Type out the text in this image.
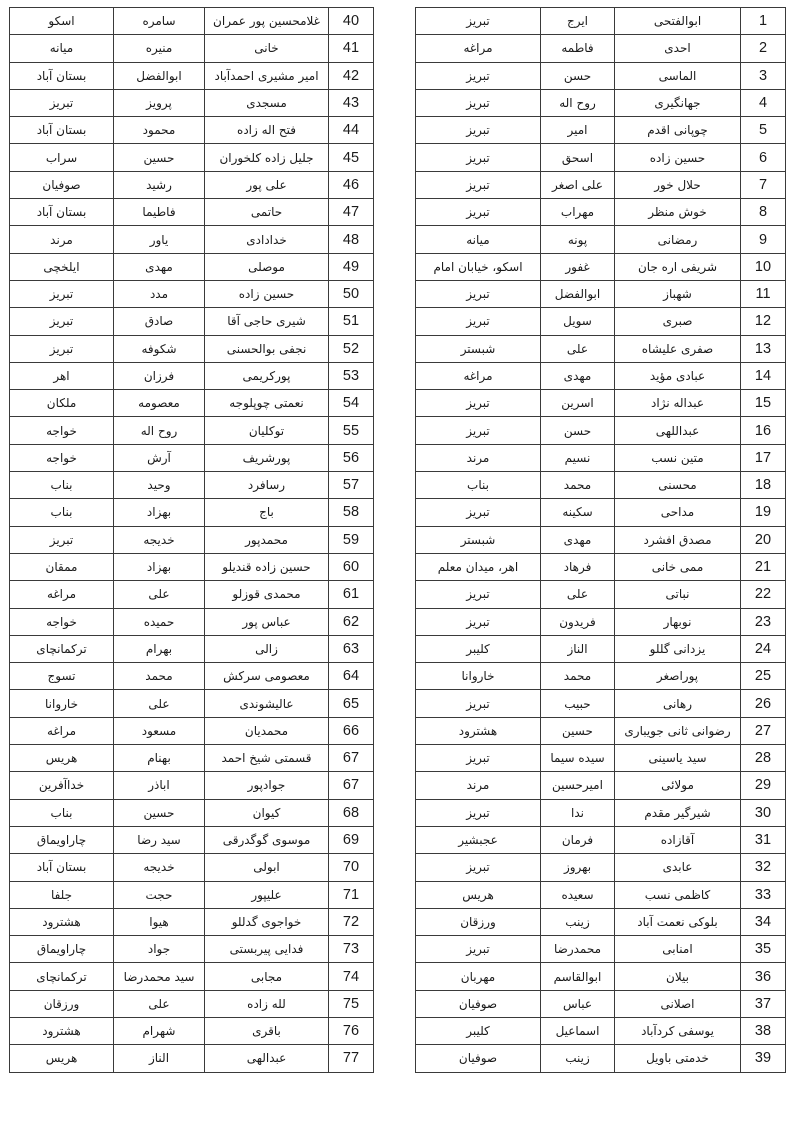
1	ابوالفتحی	ایرج	تبریز
2	احدی	فاطمه	مراغه
3	الماسی	حسن	تبریز
4	جهانگیری	روح اله	تبریز
5	چوپانی اقدم	امیر	تبریز
6	حسین زاده	اسحق	تبریز
7	حلال خور	علی اصغر	تبریز
8	خوش منظر	مهراب	تبریز
9	رمضانی	پونه	میانه
10	شریفی اره جان	غفور	اسکو، خیابان امام
11	شهباز	ابوالفضل	تبریز
12	صبری	سویل	تبریز
13	صفری علیشاه	علی	شبستر
14	عبادی مؤید	مهدی	مراغه
15	عبداله نژاد	اسرین	تبریز
16	عبداللهی	حسن	تبریز
17	متین نسب	نسیم	مرند
18	محسنی	محمد	بناب
19	مداحی	سکینه	تبریز
20	مصدق افشرد	مهدی	شبستر
21	ممی خانی	فرهاد	اهر، میدان معلم
22	نباتی	علی	تبریز
23	نوبهار	فریدون	تبریز
24	یزدانی گللو	الناز	کلیبر
25	پوراصغر	محمد	خاروانا
26	رهانی	حبیب	تبریز
27	رضوانی ثانی جویباری	حسین	هشترود
28	سید یاسینی	سیده سیما	تبریز
29	مولائی	امیرحسین	مرند
30	شیرگیر مقدم	ندا	تبریز
31	آقازاده	فرمان	عجبشیر
32	عابدی	بهروز	تبریز
33	کاظمی نسب	سعیده	هریس
34	بلوکی نعمت آباد	زینب	ورزقان
35	امنابی	محمدرضا	تبریز
36	بیلان	ابوالقاسم	مهربان
37	اصلانی	عباس	صوفیان
38	یوسفی کردآباد	اسماعیل	کلیبر
39	خدمتی باویل	زینب	صوفیان
40	غلامحسین پور عمران	سامره	اسکو
41	خانی	منیره	میانه
42	امیر مشیری احمدآباد	ابوالفضل	بستان آباد
43	مسجدی	پرویز	تبریز
44	فتح اله زاده	محمود	بستان آباد
45	جلیل زاده کلخوران	حسین	سراب
46	علی پور	رشید	صوفیان
47	حاتمی	فاطیما	بستان آباد
48	خدادادی	یاور	مرند
49	موصلی	مهدی	ایلخچی
50	حسین زاده	مدد	تبریز
51	شیری حاجی آقا	صادق	تبریز
52	نجفی بوالحسنی	شکوفه	تبریز
53	پورکریمی	فرزان	اهر
54	نعمتی چوپلوجه	معصومه	ملکان
55	توکلیان	روح اله	خواجه
56	پورشریف	آرش	خواجه
57	رسافرد	وحید	بناب
58	باج	بهزاد	بناب
59	محمدپور	خدیجه	تبریز
60	حسین زاده قندیلو	بهزاد	ممقان
61	محمدی قوزلو	علی	مراغه
62	عباس پور	حمیده	خواجه
63	زالی	بهرام	ترکمانچای
64	معصومی سرکش	محمد	تسوج
65	عالیشوندی	علی	خاروانا
66	محمدیان	مسعود	مراغه
67	قسمتی شیخ احمد	بهنام	هریس
67	جوادپور	اباذر	خداآفرین
68	کیوان	حسین	بناب
69	موسوی گوگدرقی	سید رضا	چاراویماق
70	ابولی	خدیجه	بستان آباد
71	علیپور	حجت	جلفا
72	خواجوی گدللو	هیوا	هشترود
73	فدایی پیربستی	جواد	چاراویماق
74	مجابی	سید محمدرضا	ترکمانچای
75	لله زاده	علی	ورزقان
76	باقری	شهرام	هشترود
77	عبدالهی	الناز	هریس
